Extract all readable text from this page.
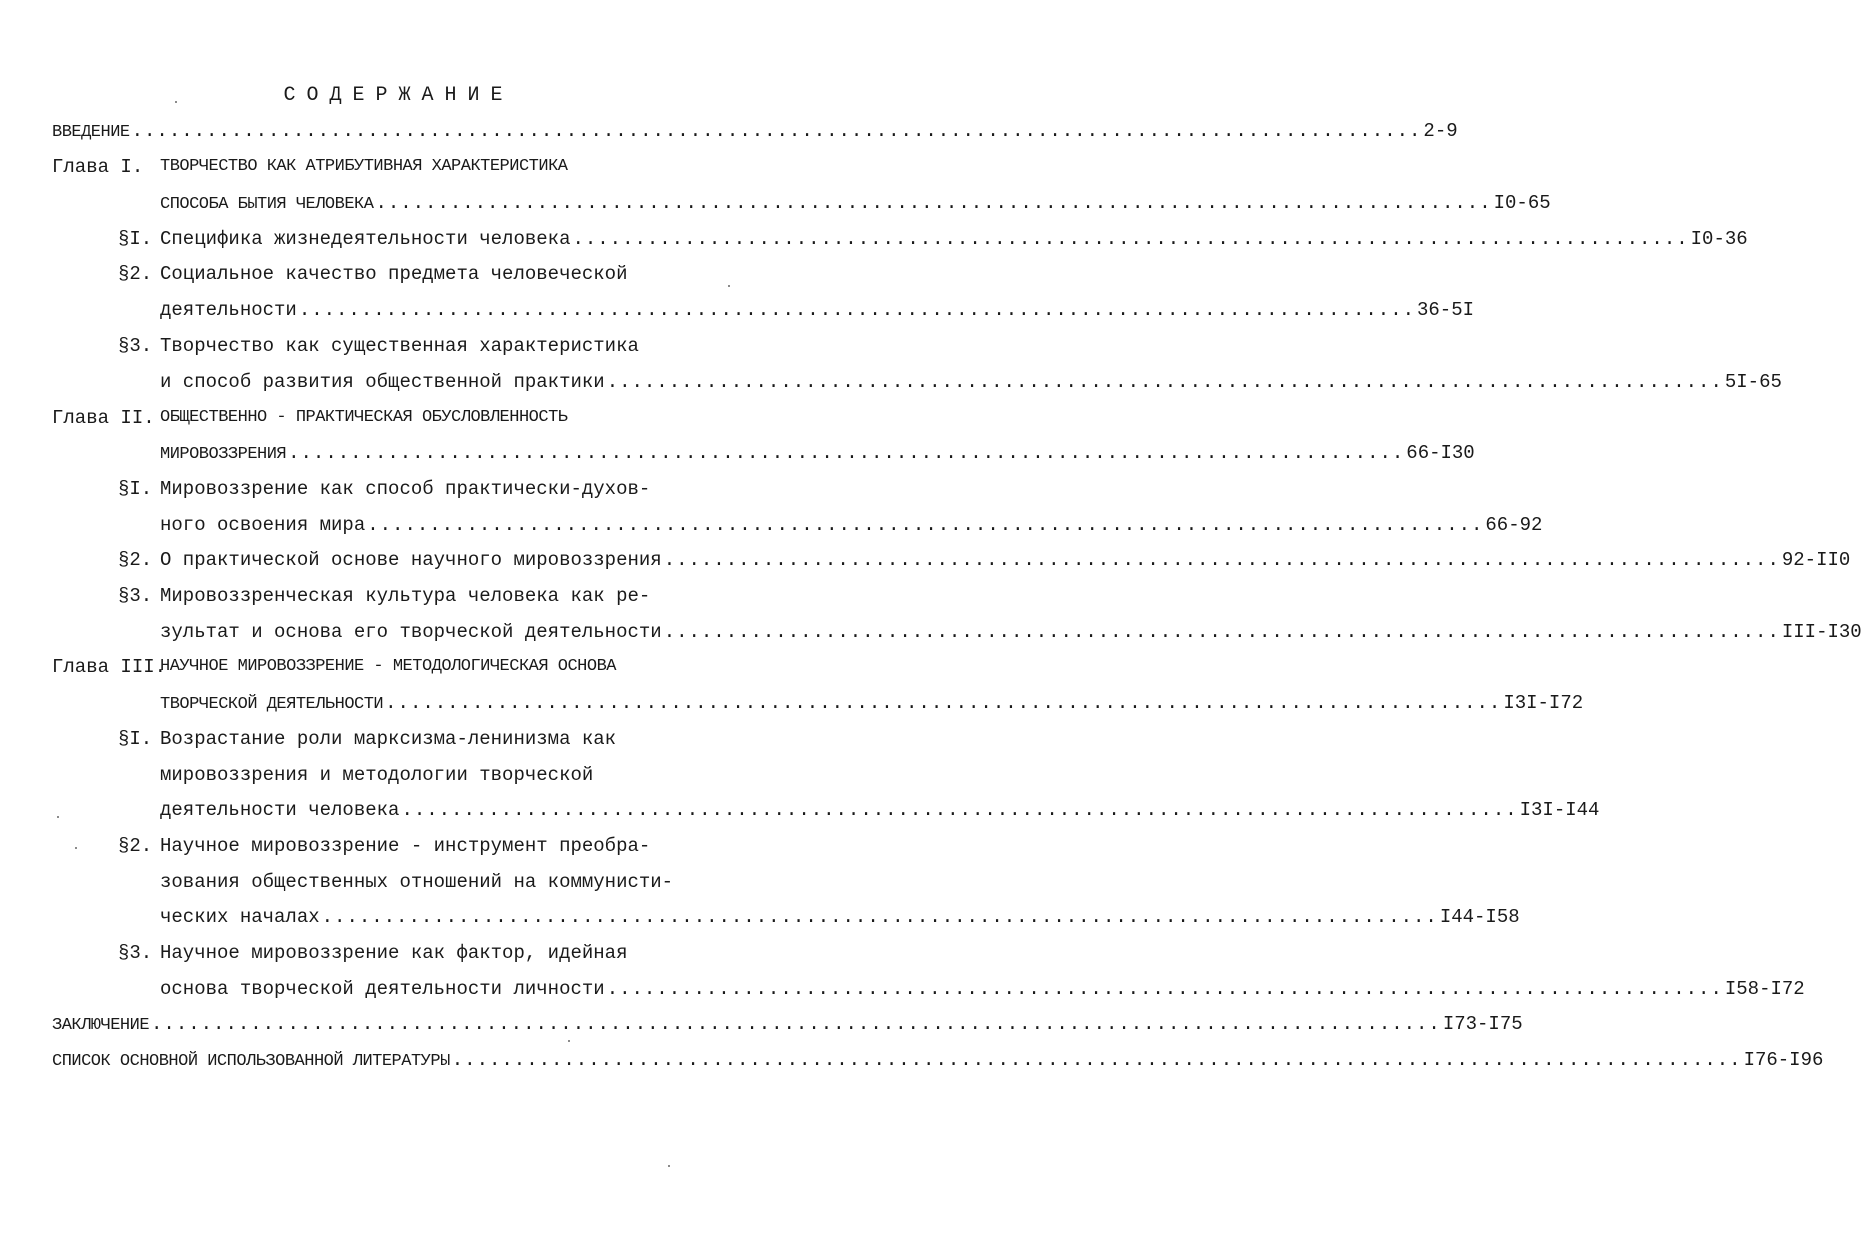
СОДЕРЖАНИЕ
ВВЕДЕНИЕ ........................................................................................................ 2-9
Глава I. ТВОРЧЕСТВО КАК АТРИБУТИВНАЯ ХАРАКТЕРИСТИКА
СПОСОБА БЫТИЯ ЧЕЛОВЕКА .......................................................................................... I0-65
§I. Специфика жизнедеятельности человека .......................................................................................... I0-36
§2. Социальное качество предмета человеческой
деятельности .......................................................................................... 36-5I
§3. Творчество как существенная характеристика
и способ развития общественной практики .......................................................................................... 5I-65
Глава II. ОБЩЕСТВЕННО - ПРАКТИЧЕСКАЯ ОБУСЛОВЛЕННОСТЬ
МИРОВОЗЗРЕНИЯ .......................................................................................... 66-I30
§I. Мировоззрение как способ практически-духов-
ного освоения мира .......................................................................................... 66-92
§2. О практической основе научного мировоззрения .......................................................................................... 92-II0
§3. Мировоззренческая культура человека как ре-
зультат и основа его творческой деятельности .......................................................................................... III-I30
Глава III.
НАУЧНОЕ МИРОВОЗЗРЕНИЕ - МЕТОДОЛОГИЧЕСКАЯ ОСНОВА
ТВОРЧЕСКОЙ ДЕЯТЕЛЬНОСТИ .......................................................................................... I3I-I72
§I. Возрастание роли марксизма-ленинизма как
мировоззрения и методологии творческой
деятельности человека .......................................................................................... I3I-I44
§2. Научное мировоззрение - инструмент преобра-
зования общественных отношений на коммунисти-
ческих началах .......................................................................................... I44-I58
§3. Научное мировоззрение как фактор, идейная
основа творческой деятельности личности .......................................................................................... I58-I72
ЗАКЛЮЧЕНИЕ ........................................................................................................ I73-I75
СПИСОК ОСНОВНОЙ ИСПОЛЬЗОВАННОЙ ЛИТЕРАТУРЫ ........................................................................................................ I76-I96
